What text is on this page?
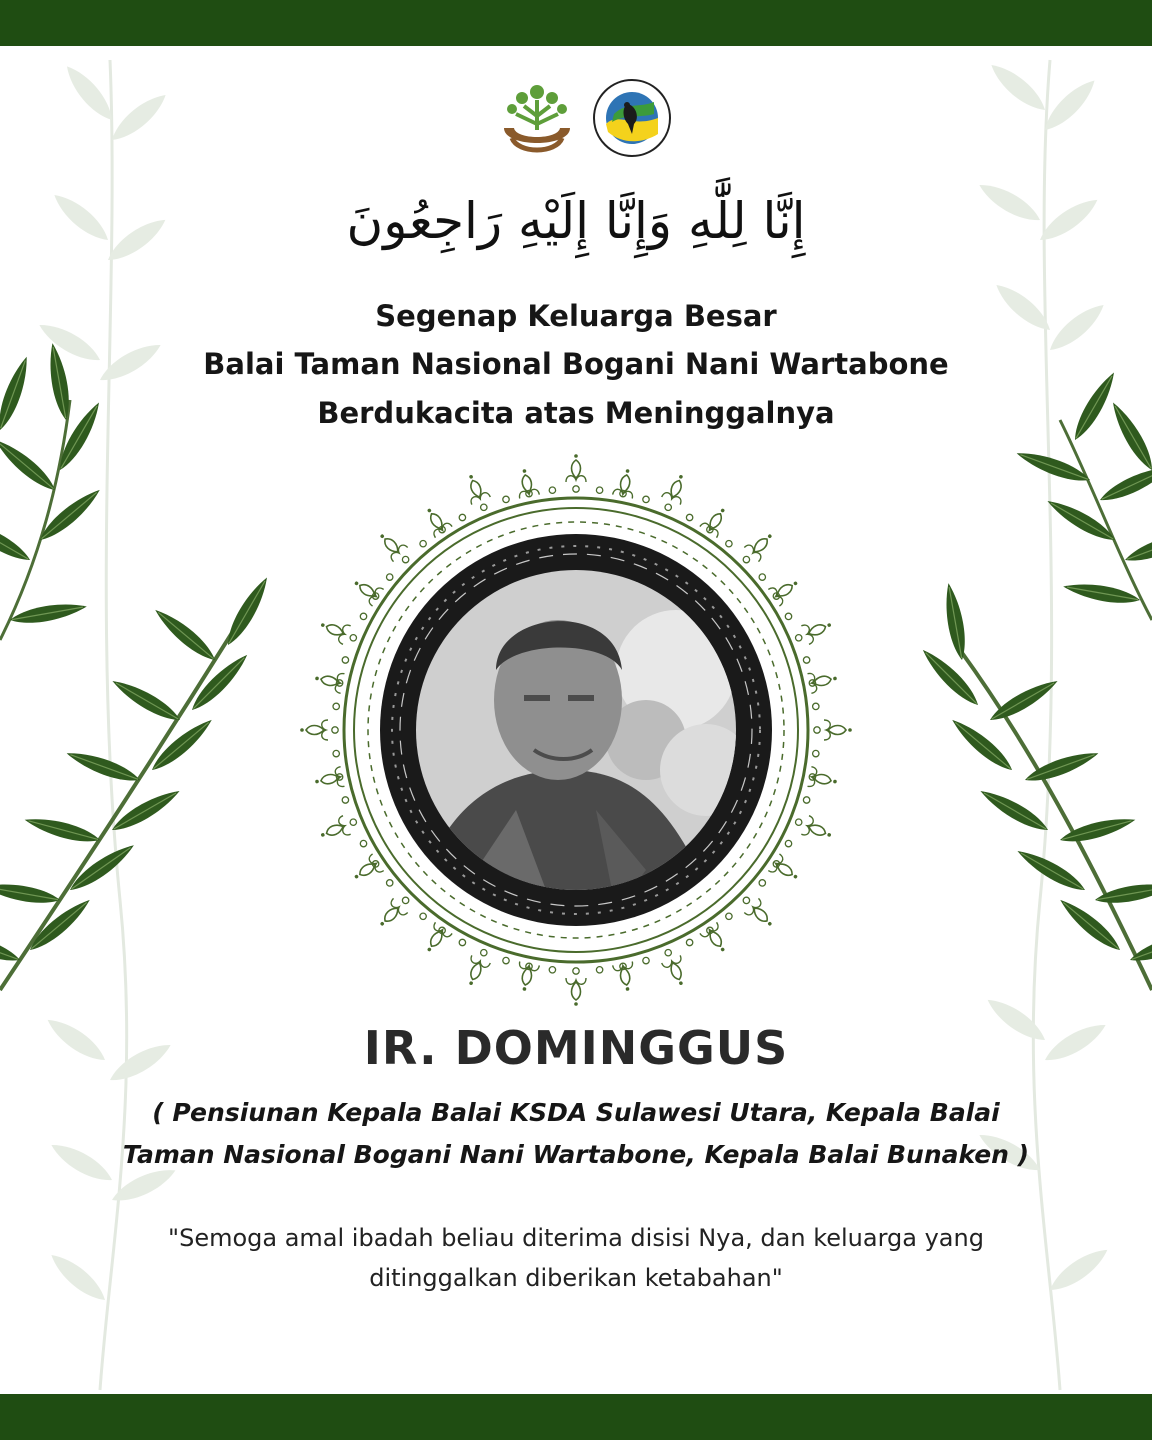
إِنَّا لِلَّٰهِ وَإِنَّا إِلَيْهِ رَاجِعُونَ

Segenap Keluarga Besar

Balai Taman Nasional Bogani Nani Wartabone

Berdukacita atas Meninggalnya

IR. DOMINGGUS
( Pensiunan Kepala Balai KSDA Sulawesi Utara, Kepala Balai
Taman Nasional Bogani Nani Wartabone, Kepala Balai Bunaken )
"Semoga amal ibadah beliau diterima disisi Nya, dan keluarga yang
ditinggalkan diberikan ketabahan"
